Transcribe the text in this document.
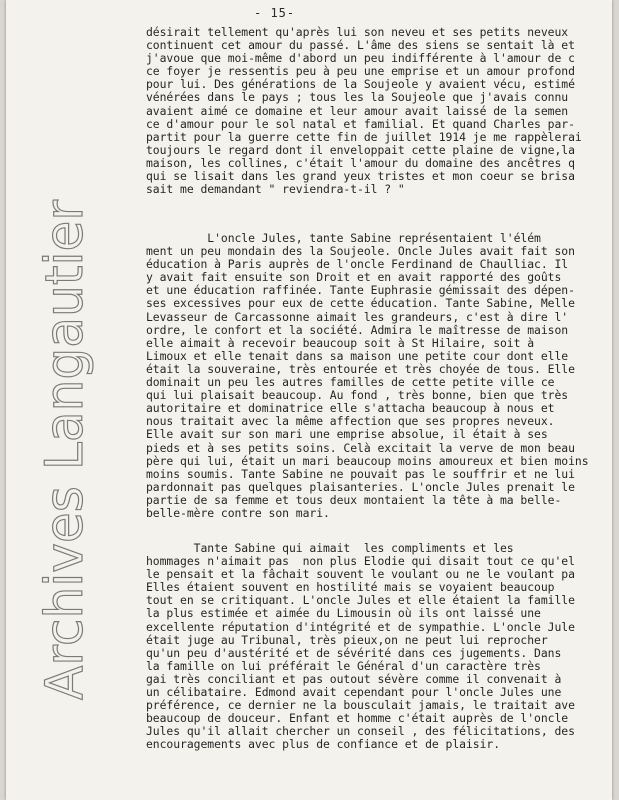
- 15-
Archives Langautier
désirait tellement qu'après lui son neveu et ses petits neveux
continuent cet amour du passé. L'âme des siens se sentait là et
j'avoue que moi-même d'abord un peu indifférente à l'amour de c
ce foyer je ressentis peu à peu une emprise et un amour profond
pour lui. Des générations de la Soujeole y avaient vécu, estimé
vénérées dans le pays ; tous les la Soujeole que j'avais connu
avaient aimé ce domaine et leur amour avait laissé de la semen
ce d'amour pour le sol natal et familial. Et quand Charles par-
partit pour la guerre cette fin de juillet 1914 je me rappèlerai
toujours le regard dont il enveloppait cette plaine de vigne,la
maison, les collines, c'était l'amour du domaine des ancêtres q
qui se lisait dans les grand yeux tristes et mon coeur se brisa
sait me demandant " reviendra-t-il ? "
L'oncle Jules, tante Sabine représentaient l'élém
ment un peu mondain des la Soujeole. Oncle Jules avait fait son
éducation à Paris auprès de l'oncle Ferdinand de Chaulliac. Il
y avait fait ensuite son Droit et en avait rapporté des goûts
et une éducation raffinée. Tante Euphrasie gémissait des dépen-
ses excessives pour eux de cette éducation. Tante Sabine, Melle
Levasseur de Carcassonne aimait les grandeurs, c'est à dire l'
ordre, le confort et la société. Admira le maîtresse de maison
elle aimait à recevoir beaucoup soit à St Hilaire, soit à
Limoux et elle tenait dans sa maison une petite cour dont elle
était la souveraine, très entourée et très choyée de tous. Elle
dominait un peu les autres familles de cette petite ville ce
qui lui plaisait beaucoup. Au fond , très bonne, bien que très
autoritaire et dominatrice elle s'attacha beaucoup à nous et
nous traitait avec la même affection que ses propres neveux.
Elle avait sur son mari une emprise absolue, il était à ses
pieds et à ses petits soins. Celà excitait la verve de mon beau
père qui lui, était un mari beaucoup moins amoureux et bien moins
moins soumis. Tante Sabine ne pouvait pas le souffrir et ne lui
pardonnait pas quelques plaisanteries. L'oncle Jules prenait le
partie de sa femme et tous deux montaient la tête à ma belle-
belle-mère contre son mari.
Tante Sabine qui aimait  les compliments et les
hommages n'aimait pas  non plus Elodie qui disait tout ce qu'el
le pensait et la fâchait souvent le voulant ou ne le voulant pa
Elles étaient souvent en hostilité mais se voyaient beaucoup
tout en se critiquant. L'oncle Jules et elle étaient la famille
la plus estimée et aimée du Limousin où ils ont laissé une
excellente réputation d'intégrité et de sympathie. L'oncle Jule
était juge au Tribunal, très pieux,on ne peut lui reprocher
qu'un peu d'austérité et de sévérité dans ces jugements. Dans
la famille on lui préférait le Général d'un caractère très
gai très conciliant et pas outout sévère comme il convenait à
un célibataire. Edmond avait cependant pour l'oncle Jules une
préférence, ce dernier ne la bousculait jamais, le traitait ave
beaucoup de douceur. Enfant et homme c'était auprès de l'oncle
Jules qu'il allait chercher un conseil , des félicitations, des
encouragements avec plus de confiance et de plaisir.
